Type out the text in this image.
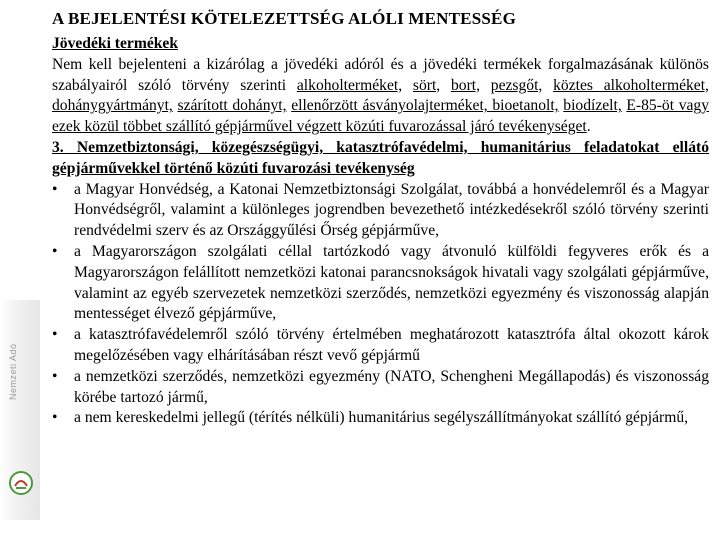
Nemzeti Adó
A BEJELENTÉSI KÖTELEZETTSÉG ALÓLI MENTESSÉG
Jövedéki termékek

Nem kell bejelenteni a kizárólag a jövedéki adóról és a jövedéki termékek forgalmazásának különös szabályairól szóló törvény szerinti alkoholterméket, sört, bort, pezsgőt, köztes alkoholterméket, dohánygyártmányt, szárított dohányt, ellenőrzött ásványolajterméket, bioetanolt, biodízelt, E-85-öt vagy ezek közül többet szállító gépjárművel végzett közúti fuvarozással járó tevékenységet.

3. Nemzetbiztonsági, közegészségügyi, katasztrófavédelmi, humanitárius feladatokat ellátó gépjárművekkel történő közúti fuvarozási tevékenység

• a Magyar Honvédség, a Katonai Nemzetbiztonsági Szolgálat, továbbá a honvédelemről és a Magyar Honvédségről, valamint a különleges jogrendben bevezethető intézkedésekről szóló törvény szerinti rendvédelmi szerv és az Országgyűlési Őrség gépjárműve,
• a Magyarországon szolgálati céllal tartózkodó vagy átvonuló külföldi fegyveres erők és a Magyarországon felállított nemzetközi katonai parancsnokságok hivatali vagy szolgálati gépjárműve, valamint az egyéb szervezetek nemzetközi szerződés, nemzetközi egyezmény és viszonosság alapján mentességet élvező gépjárműve,
• a katasztrófavédelemről szóló törvény értelmében meghatározott katasztrófa által okozott károk megelőzésében vagy elhárításában részt vevő gépjármű
• a nemzetközi szerződés, nemzetközi egyezmény (NATO, Schengheni Megállapodás) és viszonosság körébe tartozó jármű,
• a nem kereskedelmi jellegű (térítés nélküli) humanitárius segélyszállítmányokat szállító gépjármű,
